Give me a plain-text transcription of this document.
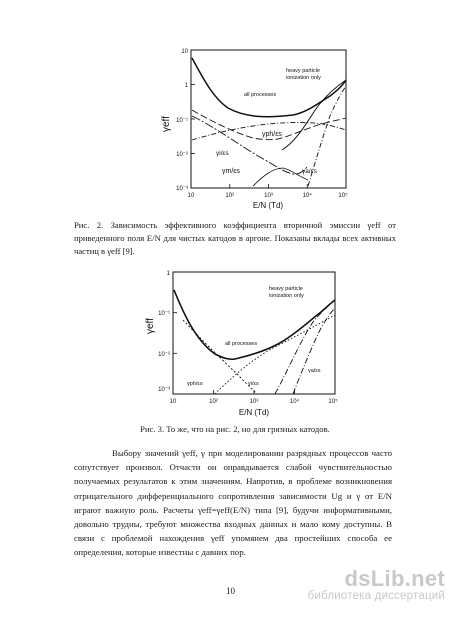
10
1
10⁻¹
10⁻²
10⁻³
10	10²	10³	10⁴	10⁵
γeff
E/N (Td)
heavy particle
ionization only
all processes
γph/εs
γi/εs
γm/εs	γa/εs
Рис. 2. Зависимость эффективного коэффициента вторичной эмиссии γeff от приведенного поля E/N для чистых катодов в аргоне. Показаны вклады всех активных частиц в γeff [9].
1
10⁻¹
10⁻²
10⁻³
10	10²	10³	10⁴	10⁵
γeff
E/N (Td)
heavy particle
ionization only
all processes
γph/εs	γi/εs
γa/εs
Рис. 3. То же, что на рис. 2, но для грязных катодов.
Выбору значений γeff, γ при моделировании разрядных процессов часто сопутствует произвол. Отчасти он оправдывается слабой чувствительностью получаемых результатов к этим значениям. Напротив, в проблеме возникновения отрицательного дифференциального сопротивления зависимости Ug и γ от E/N играют важную роль. Расчеты γeff=γeff(E/N) типа [9], будучи информативными, довольно трудны, требуют множества входных данных и мало кому доступны. В связи с проблемой нахождения γeff упомянем два простейших способа ее определения, которые известны с давних пор.
10	dsLib.net
библиотека диссертаций
